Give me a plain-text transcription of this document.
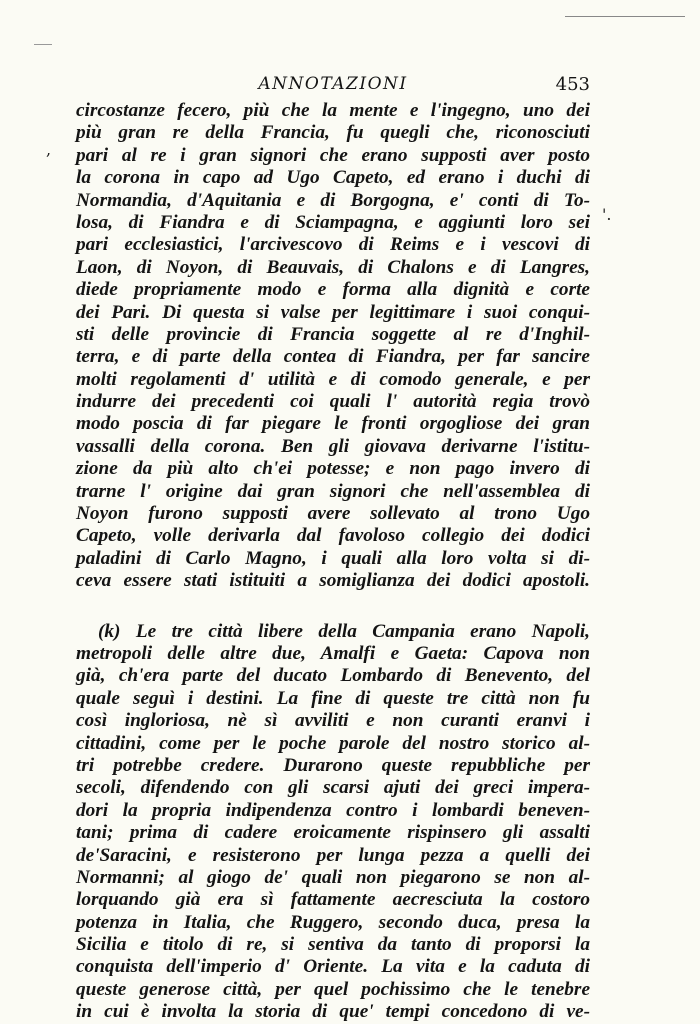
,
'.
ANNOTAZIONI	453
circostanze fecero, più che la mente e l'ingegno, uno dei
più gran re della Francia, fu quegli che, riconosciuti
pari al re i gran signori che erano supposti aver posto
la corona in capo ad Ugo Capeto, ed erano i duchi di
Normandia, d'Aquitania e di Borgogna, e' conti di To-
losa, di Fiandra e di Sciampagna, e aggiunti loro sei
pari ecclesiastici, l'arcivescovo di Reims e i vescovi di
Laon, di Noyon, di Beauvais, di Chalons e di Langres,
diede propriamente modo e forma alla dignità e corte
dei Pari. Di questa si valse per legittimare i suoi conqui-
sti delle provincie di Francia soggette al re d'Inghil-
terra, e di parte della contea di Fiandra, per far sancire
molti regolamenti d' utilità e di comodo generale, e per
indurre dei precedenti coi quali l' autorità regia trovò
modo poscia di far piegare le fronti orgogliose dei gran
vassalli della corona. Ben gli giovava derivarne l'istitu-
zione da più alto ch'ei potesse; e non pago invero di
trarne l' origine dai gran signori che nell'assemblea di
Noyon furono supposti avere sollevato al trono Ugo
Capeto, volle derivarla dal favoloso collegio dei dodici
paladini di Carlo Magno, i quali alla loro volta si di-
ceva essere stati istituiti a somiglianza dei dodici apostoli.
(k) Le tre città libere della Campania erano Napoli,
metropoli delle altre due, Amalfi e Gaeta: Capova non
già, ch'era parte del ducato Lombardo di Benevento, del
quale seguì i destini. La fine di queste tre città non fu
così ingloriosa, nè sì avviliti e non curanti eranvi i
cittadini, come per le poche parole del nostro storico al-
tri potrebbe credere. Durarono queste repubbliche per
secoli, difendendo con gli scarsi ajuti dei greci impera-
dori la propria indipendenza contro i lombardi beneven-
tani; prima di cadere eroicamente rispinsero gli assalti
de'Saracini, e resisterono per lunga pezza a quelli dei
Normanni; al giogo de' quali non piegarono se non al-
lorquando già era sì fattamente aecresciuta la costoro
potenza in Italia, che Ruggero, secondo duca, presa la
Sicilia e titolo di re, si sentiva da tanto di proporsi la
conquista dell'imperio d' Oriente. La vita e la caduta di
queste generose città, per quel pochissimo che le tenebre
in cui è involta la storia di que' tempi concedono di ve-
